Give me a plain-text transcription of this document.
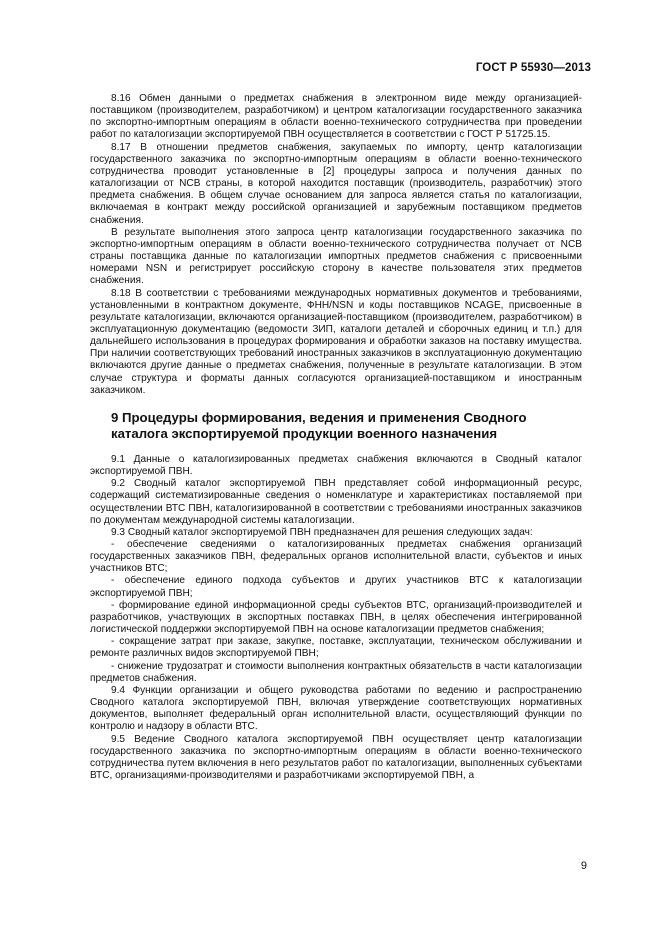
ГОСТ Р 55930—2013

8.16 Обмен данными о предметах снабжения в электронном виде между организацией-поставщиком (производителем, разработчиком) и центром каталогизации государственного заказчика по экспортно-импортным операциям в области военно-технического сотрудничества при проведении работ по каталогизации экспортируемой ПВН осуществляется в соответствии с ГОСТ Р 51725.15.

8.17 В отношении предметов снабжения, закупаемых по импорту, центр каталогизации государственного заказчика по экспортно-импортным операциям в области военно-технического сотрудничества проводит установленные в [2] процедуры запроса и получения данных по каталогизации от NCB страны, в которой находится поставщик (производитель, разработчик) этого предмета снабжения. В общем случае основанием для запроса является статья по каталогизации, включаемая в контракт между российской организацией и зарубежным поставщиком предметов снабжения.

В результате выполнения этого запроса центр каталогизации государственного заказчика по экспортно-импортным операциям в области военно-технического сотрудничества получает от NCB страны поставщика данные по каталогизации импортных предметов снабжения с присвоенными номерами NSN и регистрирует российскую сторону в качестве пользователя этих предметов снабжения.

8.18 В соответствии с требованиями международных нормативных документов и требованиями, установленными в контрактном документе, ФНН/NSN и коды поставщиков NCAGE, присвоенные в результате каталогизации, включаются организацией-поставщиком (производителем, разработчиком) в эксплуатационную документацию (ведомости ЗИП, каталоги деталей и сборочных единиц и т.п.) для дальнейшего использования в процедурах формирования и обработки заказов на поставку имущества. При наличии соответствующих требований иностранных заказчиков в эксплуатационную документацию включаются другие данные о предметах снабжения, полученные в результате каталогизации. В этом случае структура и форматы данных согласуются организацией-поставщиком и иностранным заказчиком.

9 Процедуры формирования, ведения и применения Сводного каталога экспортируемой продукции военного назначения

9.1 Данные о каталогизированных предметах снабжения включаются в Сводный каталог экспортируемой ПВН.

9.2 Сводный каталог экспортируемой ПВН представляет собой информационный ресурс, содержащий систематизированные сведения о номенклатуре и характеристиках поставляемой при осуществлении ВТС ПВН, каталогизированной в соответствии с требованиями иностранных заказчиков по документам международной системы каталогизации.

9.3 Сводный каталог экспортируемой ПВН предназначен для решения следующих задач:

- обеспечение сведениями о каталогизированных предметах снабжения организаций государственных заказчиков ПВН, федеральных органов исполнительной власти, субъектов и иных участников ВТС;

- обеспечение единого подхода субъектов и других участников ВТС к каталогизации экспортируемой ПВН;

- формирование единой информационной среды субъектов ВТС, организаций-производителей и разработчиков, участвующих в экспортных поставках ПВН, в целях обеспечения интегрированной логистической поддержки экспортируемой ПВН на основе каталогизации предметов снабжения;

- сокращение затрат при заказе, закупке, поставке, эксплуатации, техническом обслуживании и ремонте различных видов экспортируемой ПВН;

- снижение трудозатрат и стоимости выполнения контрактных обязательств в части каталогизации предметов снабжения.

9.4 Функции организации и общего руководства работами по ведению и распространению Сводного каталога экспортируемой ПВН, включая утверждение соответствующих нормативных документов, выполняет федеральный орган исполнительной власти, осуществляющий функции по контролю и надзору в области ВТС.

9.5 Ведение Сводного каталога экспортируемой ПВН осуществляет центр каталогизации государственного заказчика по экспортно-импортным операциям в области военно-технического сотрудничества путем включения в него результатов работ по каталогизации, выполненных субъектами ВТС, организациями-производителями и разработчиками экспортируемой ПВН, а

9
